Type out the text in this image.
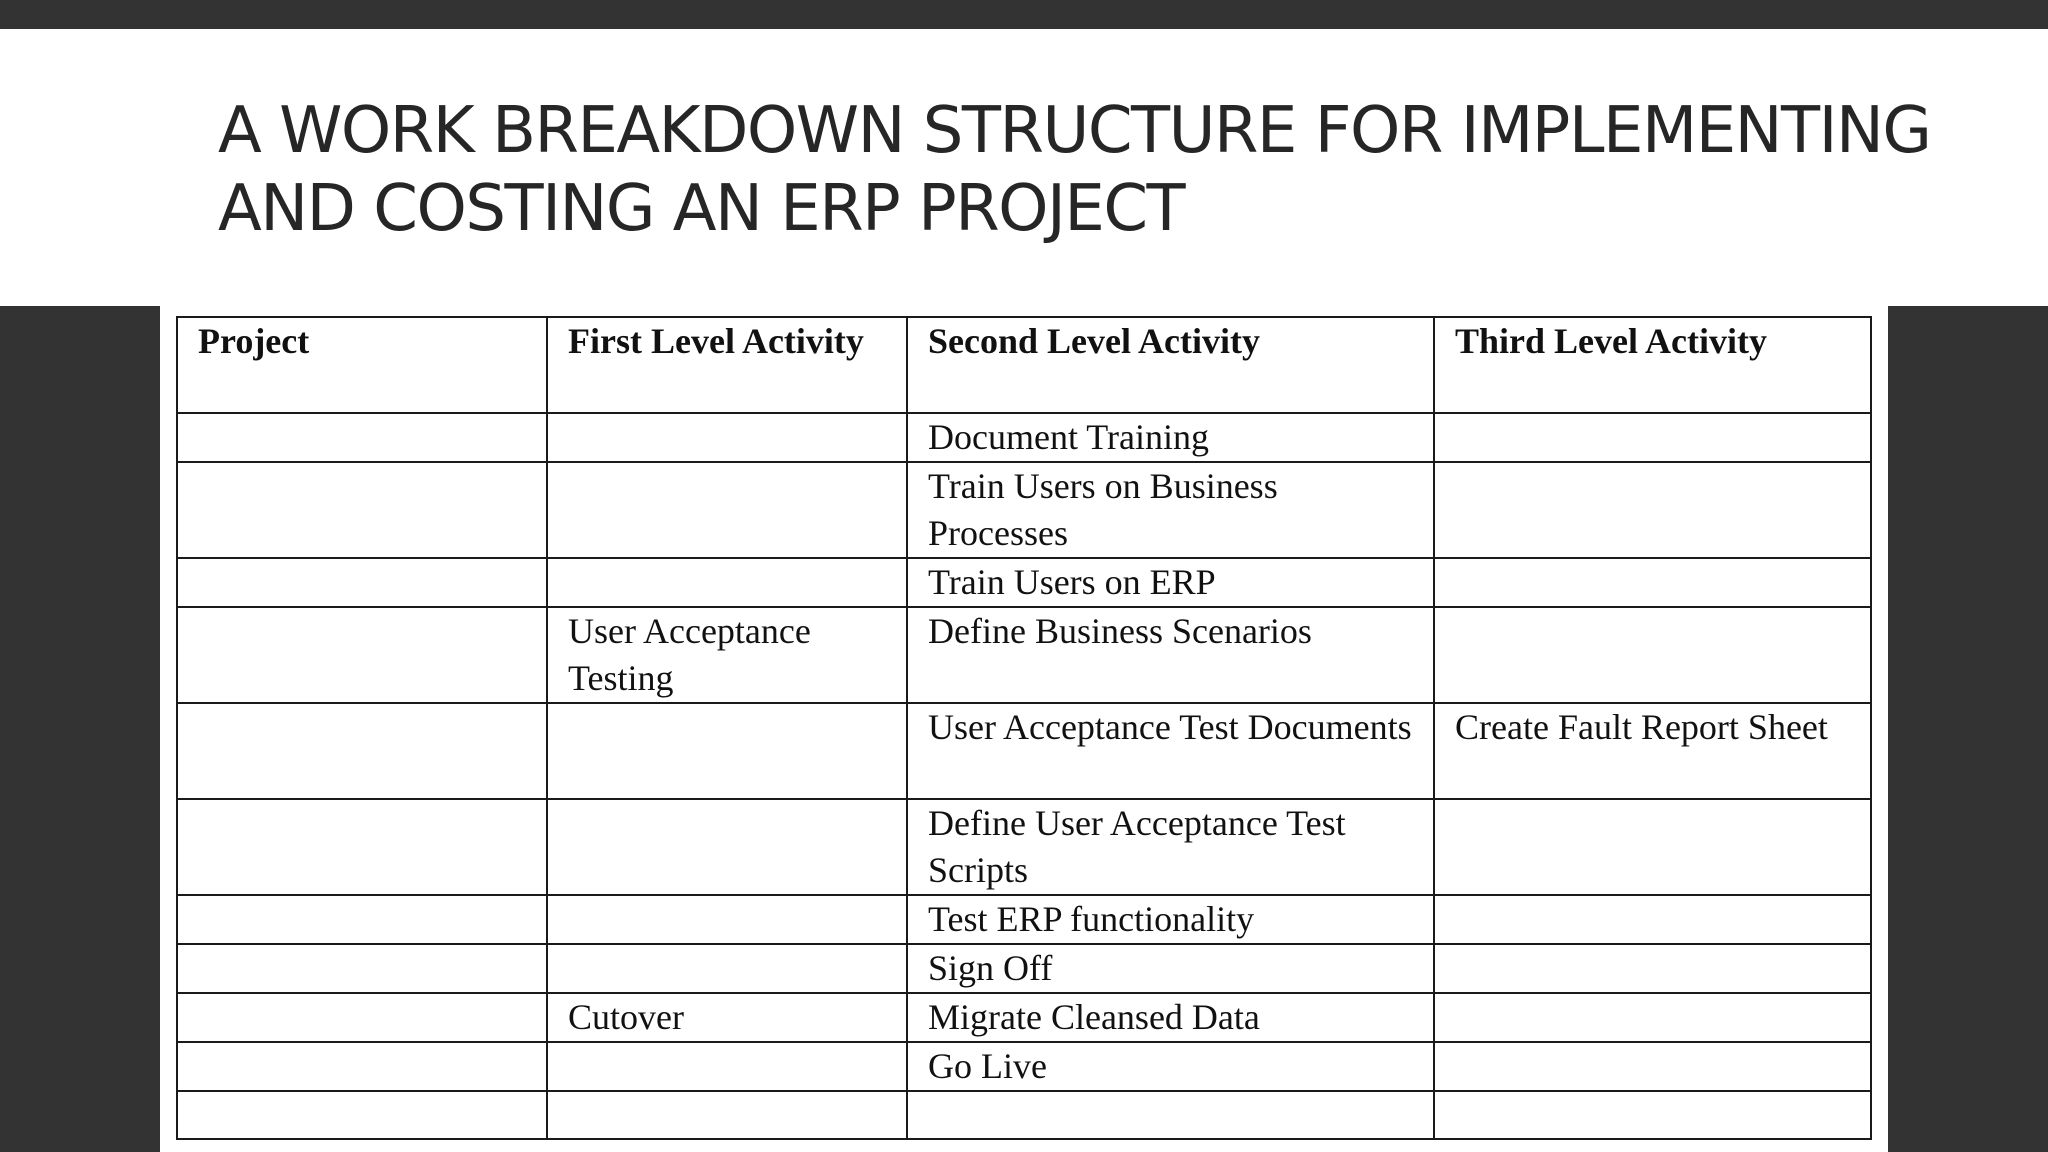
A WORK BREAKDOWN STRUCTURE FOR IMPLEMENTING AND COSTING AN ERP PROJECT
Project	First Level Activity	Second Level Activity	Third Level Activity
		Document Training	
		Train Users on Business Processes	
		Train Users on ERP	
	User Acceptance Testing	Define Business Scenarios	
		User Acceptance Test Documents	Create Fault Report Sheet
		Define User Acceptance Test Scripts	
		Test ERP functionality	
		Sign Off	
	Cutover	Migrate Cleansed Data	
		Go Live	
